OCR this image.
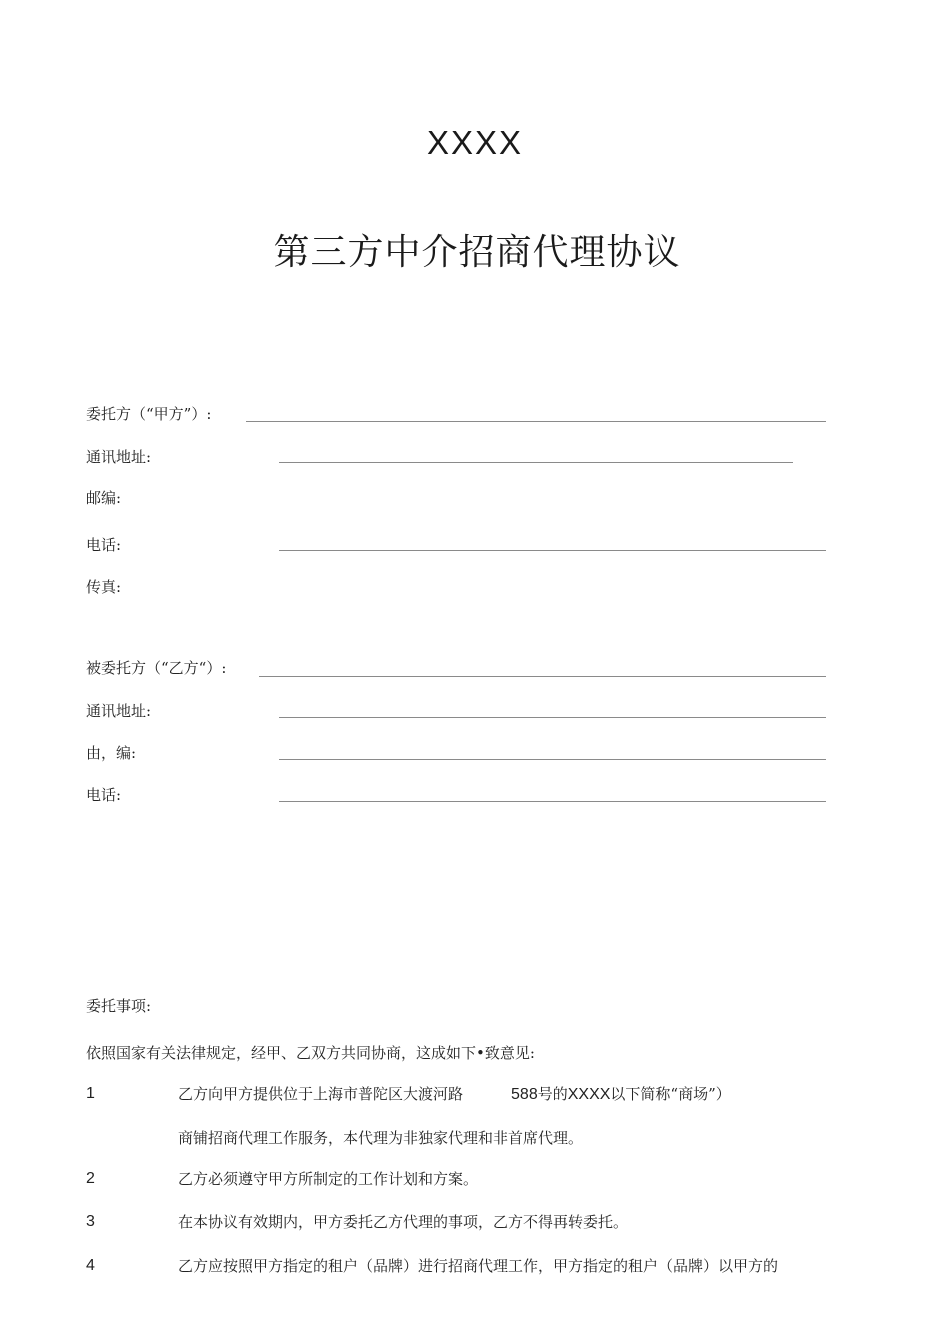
XXXX
第三方中介招商代理协议
委托方（“甲方”）:
通讯地址:
邮编:
电话:
传真:
被委托方（“乙方“）:
通讯地址:
由，编:
电话:
委托事项:
依照国家有关法律规定，经甲、乙双方共同协商，这成如下•致意见:
1	乙方向甲方提供位于上海市普陀区大渡河路	588号的XXXX以下简称“商场”）
商铺招商代理工作服务，本代理为非独家代理和非首席代理。
2	乙方必须遵守甲方所制定的工作计划和方案。
3	在本协议有效期内，甲方委托乙方代理的事项，乙方不得再转委托。
4	乙方应按照甲方指定的租户（品牌）进行招商代理工作，甲方指定的租户（品牌）以甲方的
